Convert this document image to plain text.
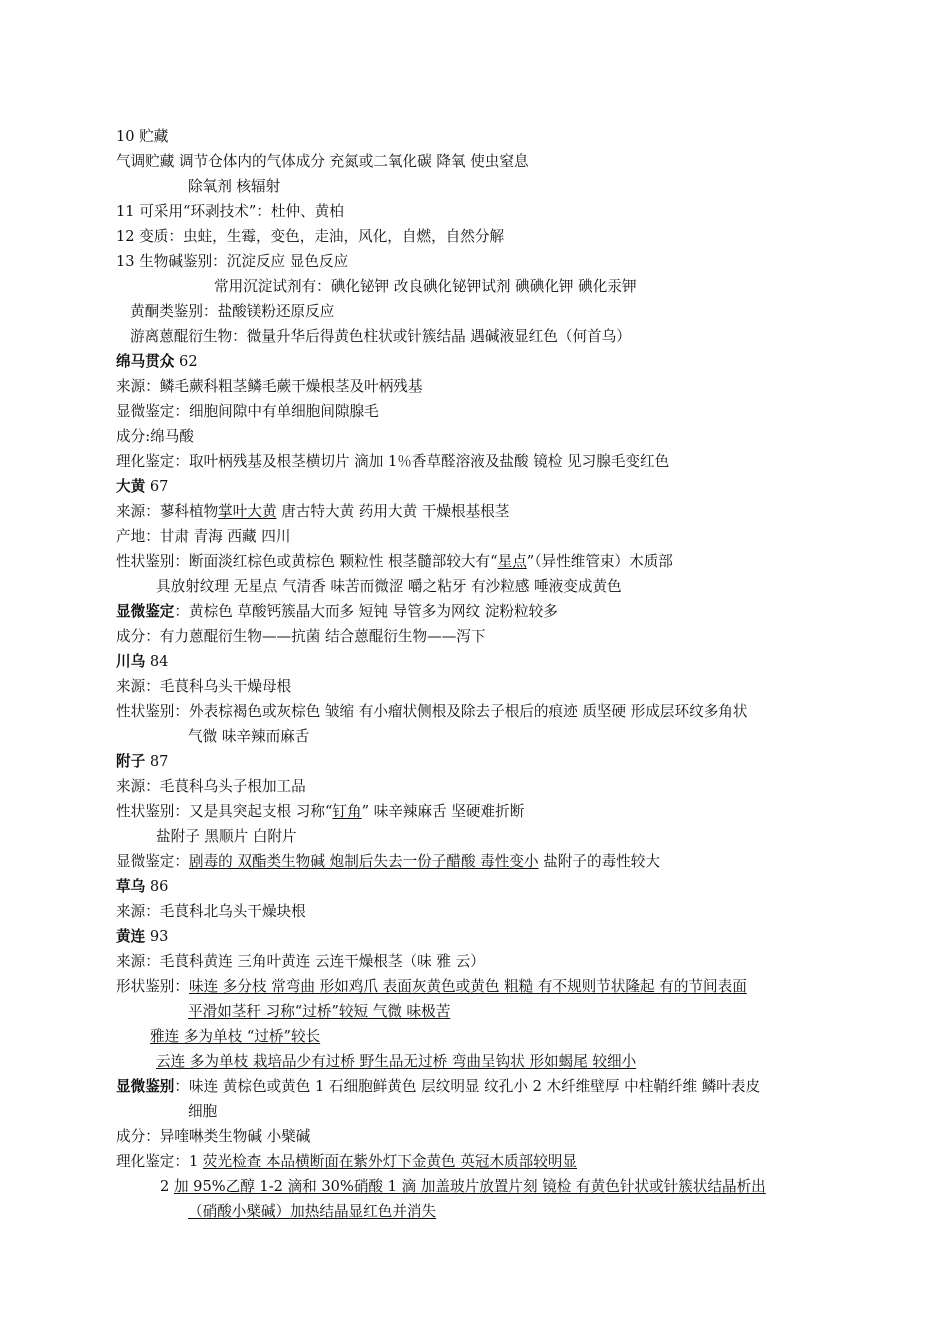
10 贮藏
气调贮藏 调节仓体内的气体成分 充氮或二氧化碳 降氧 使虫窒息
除氧剂 核辐射
11 可采用“环剥技术”：杜仲、黄柏
12 变质：虫蛀，生霉，变色，走油，风化，自燃，自然分解
13 生物碱鉴别：沉淀反应 显色反应
常用沉淀试剂有：碘化铋钾 改良碘化铋钾试剂 碘碘化钾 碘化汞钾
黄酮类鉴别：盐酸镁粉还原反应
游离蒽醌衍生物：微量升华后得黄色柱状或针簇结晶 遇碱液显红色（何首乌）
绵马贯众 62
来源：鳞毛蕨科粗茎鳞毛蕨干燥根茎及叶柄残基
显微鉴定：细胞间隙中有单细胞间隙腺毛
成分:绵马酸
理化鉴定：取叶柄残基及根茎横切片 滴加 1％香草醛溶液及盐酸 镜检 见习腺毛变红色
大黄 67
来源：蓼科植物掌叶大黄 唐古特大黄 药用大黄 干燥根基根茎
产地：甘肃 青海 西藏 四川
性状鉴别：断面淡红棕色或黄棕色 颗粒性 根茎髓部较大有“星点”（异性维管束）木质部
具放射纹理 无星点 气清香 味苦而微涩 嚼之粘牙 有沙粒感 唾液变成黄色
显微鉴定：黄棕色 草酸钙簇晶大而多 短钝 导管多为网纹 淀粉粒较多
成分：有力蒽醌衍生物——抗菌 结合蒽醌衍生物——泻下
川乌 84
来源：毛茛科乌头干燥母根
性状鉴别：外表棕褐色或灰棕色 皱缩 有小瘤状侧根及除去子根后的痕迹 质坚硬 形成层环纹多角状
气微 味辛辣而麻舌
附子 87
来源：毛茛科乌头子根加工品
性状鉴别：又是具突起支根 习称“钉角” 味辛辣麻舌 坚硬难折断
盐附子 黑顺片 白附片
显微鉴定：剧毒的 双酯类生物碱 炮制后失去一份子醋酸 毒性变小 盐附子的毒性较大
草乌 86
来源：毛茛科北乌头干燥块根
黄连 93
来源：毛茛科黄连 三角叶黄连 云连干燥根茎（味 雅 云）
形状鉴别：味连 多分枝 常弯曲 形如鸡爪 表面灰黄色或黄色 粗糙 有不规则节状隆起 有的节间表面
平滑如茎秆 习称“过桥”较短 气微 味极苦
雅连 多为单枝 “过桥”较长
云连 多为单枝 栽培品少有过桥 野生品无过桥 弯曲呈钩状 形如蝎尾 较细小
显微鉴别：味连 黄棕色或黄色 1 石细胞鲜黄色 层纹明显 纹孔小 2 木纤维壁厚 中柱鞘纤维 鳞叶表皮
细胞
成分：异喹啉类生物碱 小檗碱
理化鉴定：1 荧光检查 本品横断面在紫外灯下金黄色 英冠木质部较明显
2 加 95%乙醇 1-2 滴和 30%硝酸 1 滴 加盖玻片放置片刻 镜检 有黄色针状或针簇状结晶析出
（硝酸小檗碱）加热结晶显红色并消失
